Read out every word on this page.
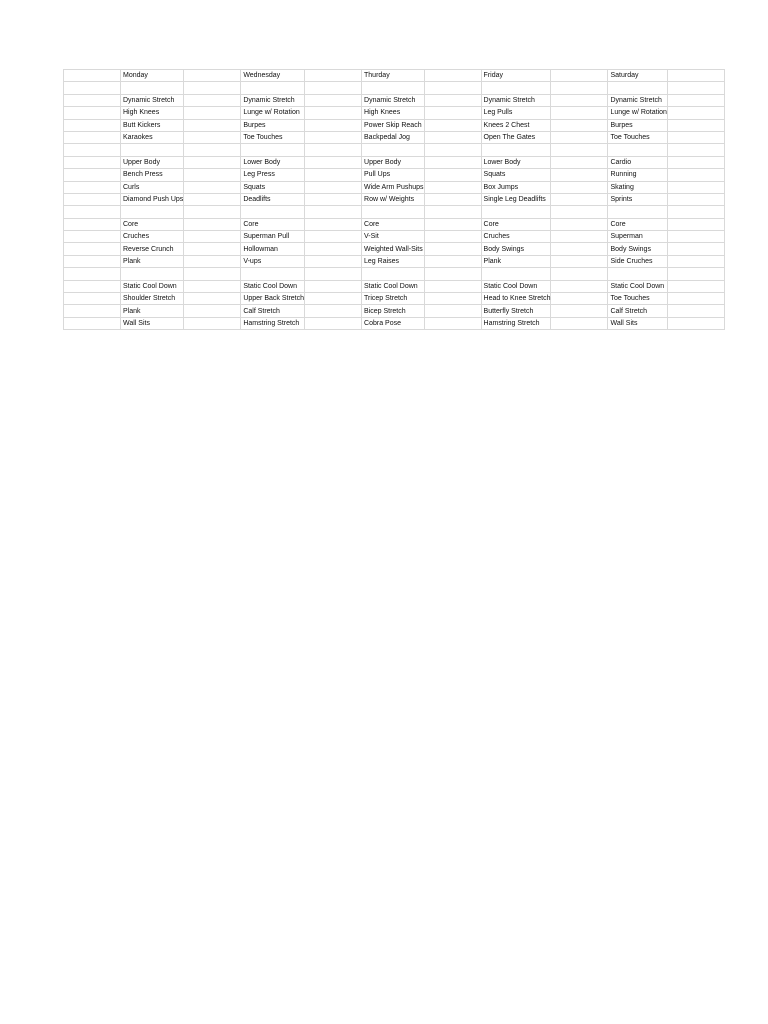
	Monday		Wednesday		Thurday		Friday		Saturday	

	Dynamic Stretch		Dynamic Stretch		Dynamic Stretch		Dynamic Stretch		Dynamic Stretch	
	High Knees		Lunge w/ Rotation		High Knees		Leg Pulls		Lunge w/ Rotation	
	Butt Kickers		Burpes		Power Skip Reach		Knees 2 Chest		Burpes	
	Karaokes		Toe Touches		Backpedal Jog		Open The Gates		Toe Touches	

	Upper Body		Lower Body		Upper Body		Lower Body		Cardio	
	Bench Press		Leg Press		Pull Ups		Squats		Running	
	Curls		Squats		Wide Arm Pushups		Box Jumps		Skating	
	Diamond Push Ups		Deadlifts		Row w/ Weights		Single Leg Deadlifts		Sprints	

	Core		Core		Core		Core		Core	
	Cruches		Superman Pull		V-Sit		Cruches		Superman	
	Reverse Crunch		Hollowman		Weighted Wall-Sits		Body Swings		Body Swings	
	Plank		V-ups		Leg Raises		Plank		Side Cruches	

	Static Cool Down		Static Cool Down		Static Cool Down		Static Cool Down		Static Cool Down	
	Shoulder Stretch		Upper Back Stretch		Tricep Stretch		Head to Knee Stretch		Toe Touches	
	Plank		Calf Stretch		Bicep Stretch		Butterfly Stretch		Calf Stretch	
	Wall Sits		Hamstring Stretch		Cobra Pose		Hamstring Stretch		Wall Sits	
